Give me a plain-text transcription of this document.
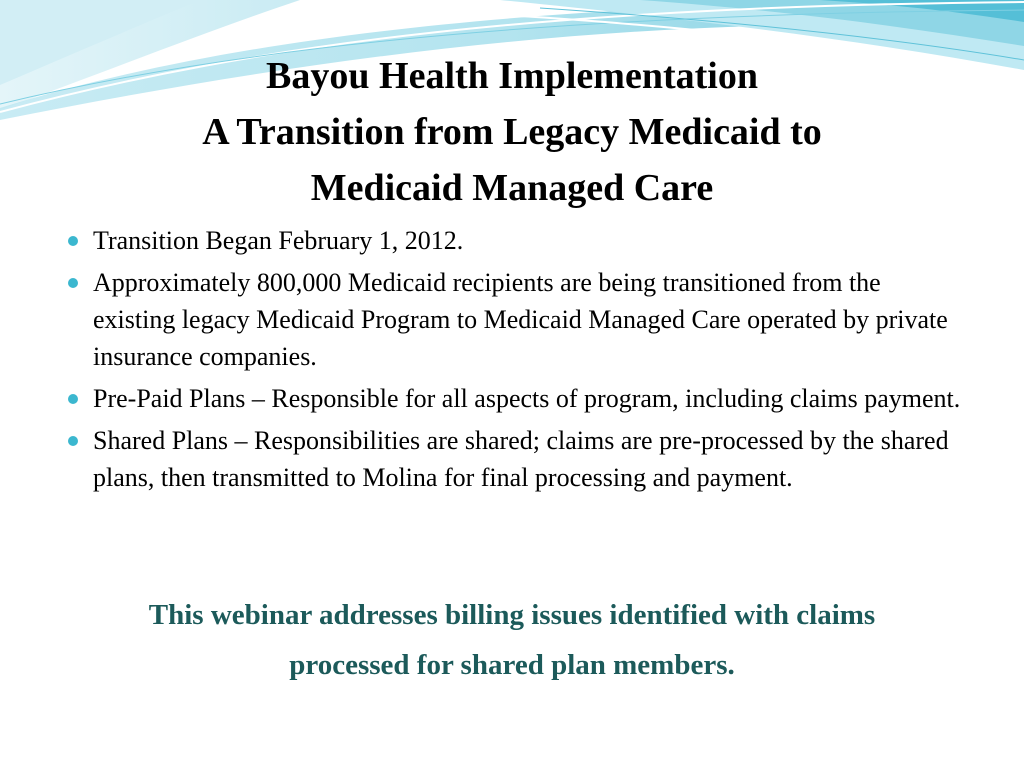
Bayou Health Implementation
A Transition from Legacy Medicaid to
Medicaid Managed Care
Transition Began February 1, 2012.
Approximately 800,000 Medicaid recipients are being transitioned from the existing legacy Medicaid Program to Medicaid Managed Care operated by private insurance companies.
Pre-Paid Plans – Responsible for all aspects of program, including claims payment.
Shared Plans – Responsibilities are shared; claims are pre-processed by the shared plans, then transmitted to Molina for final processing and payment.
This webinar addresses billing issues identified with claims
processed for shared plan members.
